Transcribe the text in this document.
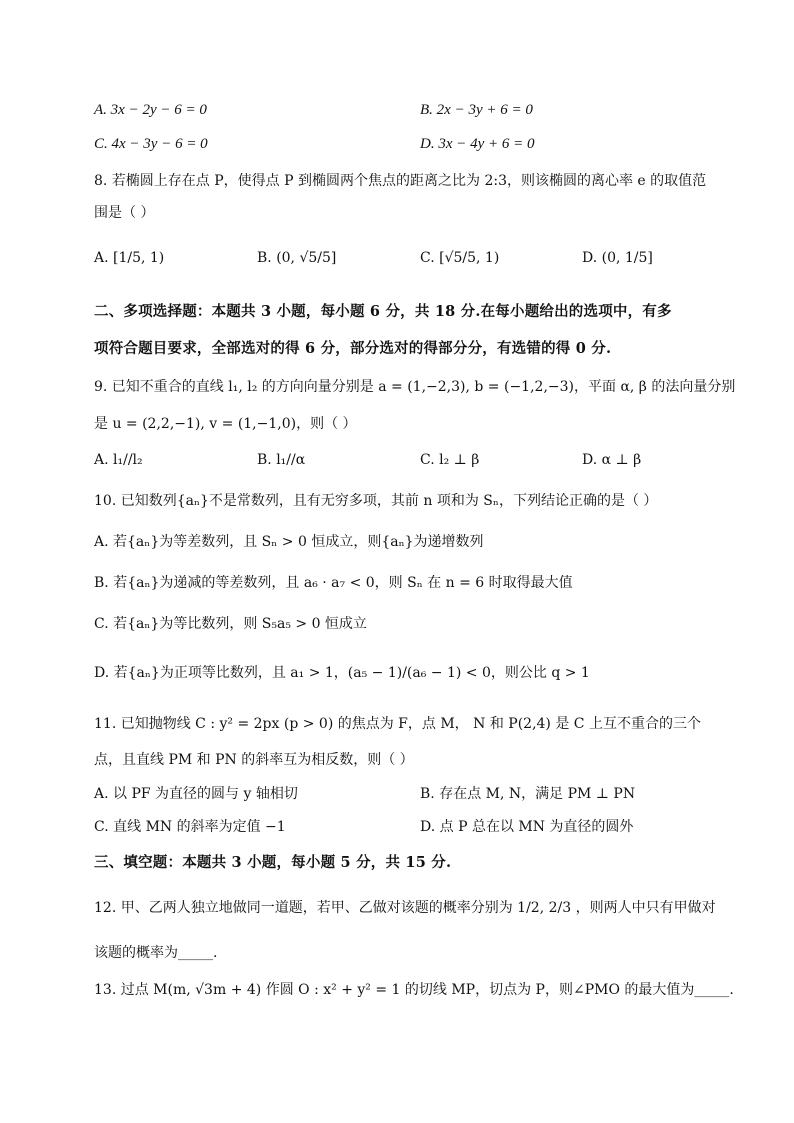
A. 3x − 2y − 6 = 0	B. 2x − 3y + 6 = 0
C. 4x − 3y − 6 = 0	D. 3x − 4y + 6 = 0
8. 若椭圆上存在点 P，使得点 P 到椭圆两个焦点的距离之比为 2:3，则该椭圆的离心率 e 的取值范
围是（ ）
A. [1/5, 1)	B. (0, √5/5]	C. [√5/5, 1)	D. (0, 1/5]
二、多项选择题：本题共 3 小题，每小题 6 分，共 18 分.在每小题给出的选项中，有多
项符合题目要求，全部选对的得 6 分，部分选对的得部分分，有选错的得 0 分.
9. 已知不重合的直线 l₁, l₂ 的方向向量分别是 a = (1,−2,3), b = (−1,2,−3)，平面 α, β 的法向量分别
是 u = (2,2,−1), v = (1,−1,0)，则（ ）
A. l₁//l₂	B. l₁//α	C. l₂ ⊥ β	D. α ⊥ β
10. 已知数列{aₙ}不是常数列，且有无穷多项，其前 n 项和为 Sₙ，下列结论正确的是（ ）
A. 若{aₙ}为等差数列，且 Sₙ > 0 恒成立，则{aₙ}为递增数列
B. 若{aₙ}为递减的等差数列，且 a₆ · a₇ < 0，则 Sₙ 在 n = 6 时取得最大值
C. 若{aₙ}为等比数列，则 S₅a₅ > 0 恒成立
D. 若{aₙ}为正项等比数列，且 a₁ > 1，(a₅ − 1)/(a₆ − 1) < 0，则公比 q > 1
11. 已知抛物线 C : y² = 2px (p > 0) 的焦点为 F，点 M， N 和 P(2,4) 是 C 上互不重合的三个
点，且直线 PM 和 PN 的斜率互为相反数，则（ ）
A. 以 PF 为直径的圆与 y 轴相切	B. 存在点 M, N，满足 PM ⊥ PN
C. 直线 MN 的斜率为定值 −1	D. 点 P 总在以 MN 为直径的圆外
三、填空题：本题共 3 小题，每小题 5 分，共 15 分.
12. 甲、乙两人独立地做同一道题，若甲、乙做对该题的概率分别为 1/2, 2/3 ，则两人中只有甲做对
该题的概率为_____.
13. 过点 M(m, √3m + 4) 作圆 O : x² + y² = 1 的切线 MP，切点为 P，则∠PMO 的最大值为_____.
